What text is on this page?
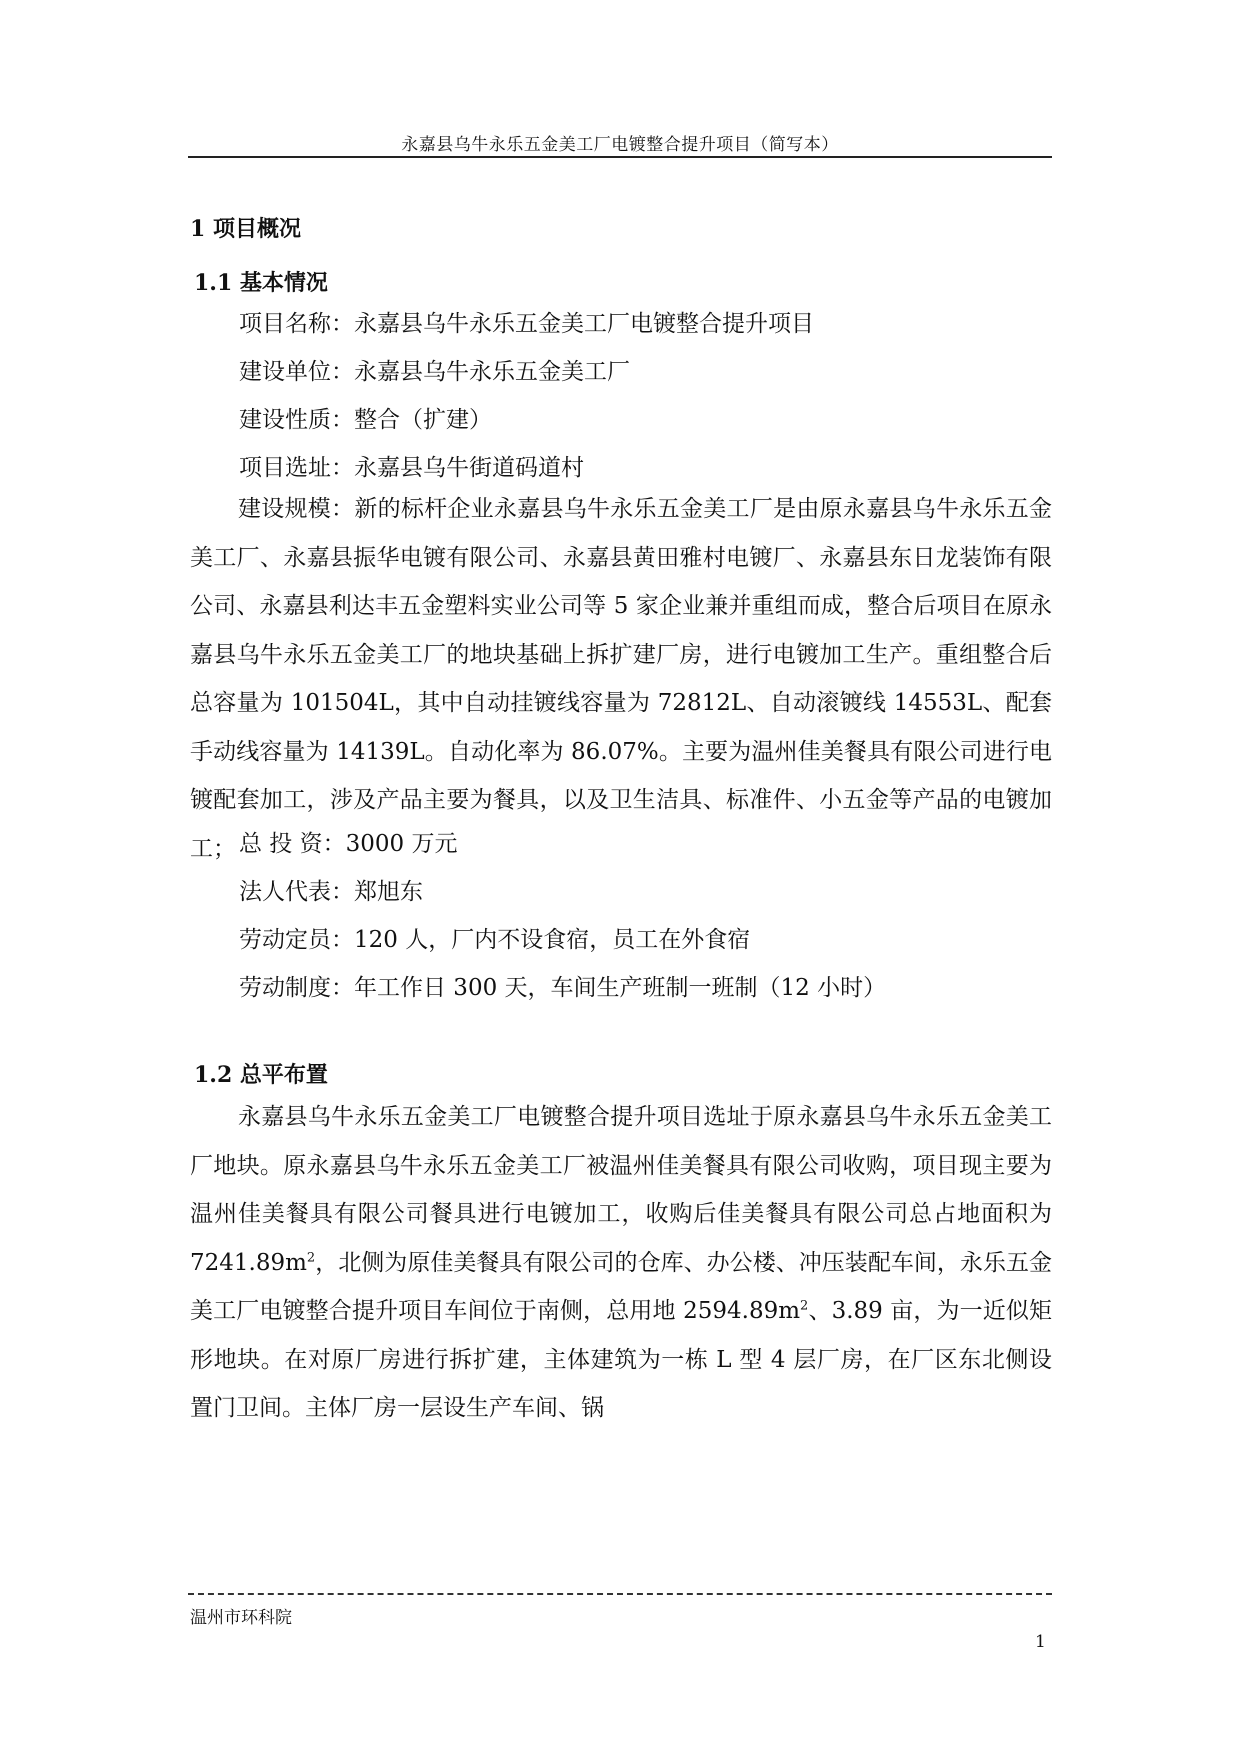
永嘉县乌牛永乐五金美工厂电镀整合提升项目（简写本）
1 项目概况
1.1 基本情况
项目名称：永嘉县乌牛永乐五金美工厂电镀整合提升项目
建设单位：永嘉县乌牛永乐五金美工厂
建设性质：整合（扩建）
项目选址：永嘉县乌牛街道码道村
建设规模：新的标杆企业永嘉县乌牛永乐五金美工厂是由原永嘉县乌牛永乐五金美工厂、永嘉县振华电镀有限公司、永嘉县黄田雅村电镀厂、永嘉县东日龙装饰有限公司、永嘉县利达丰五金塑料实业公司等 5 家企业兼并重组而成，整合后项目在原永嘉县乌牛永乐五金美工厂的地块基础上拆扩建厂房，进行电镀加工生产。重组整合后总容量为 101504L，其中自动挂镀线容量为 72812L、自动滚镀线 14553L、配套手动线容量为 14139L。自动化率为 86.07%。主要为温州佳美餐具有限公司进行电镀配套加工，涉及产品主要为餐具，以及卫生洁具、标准件、小五金等产品的电镀加工； 总 投 资：3000 万元
法人代表：郑旭东
劳动定员：120 人，厂内不设食宿，员工在外食宿
劳动制度：年工作日 300 天，车间生产班制一班制（12 小时）
1.2 总平布置
永嘉县乌牛永乐五金美工厂电镀整合提升项目选址于原永嘉县乌牛永乐五金美工厂地块。原永嘉县乌牛永乐五金美工厂被温州佳美餐具有限公司收购，项目现主要为温州佳美餐具有限公司餐具进行电镀加工，收购后佳美餐具有限公司总占地面积为 $7241.89m^2$，北侧为原佳美餐具有限公司的仓库、办公楼、冲压装配车间，永乐五金美工厂电镀整合提升项目车间位于南侧，总用地 $2594.89m^2$、3.89 亩，为一近似矩形地块。在对原厂房进行拆扩建，主体建筑为一栋 L 型 4 层厂房，在厂区东北侧设置门卫间。主体厂房一层设生产车间、锅
温州市环科院
1
